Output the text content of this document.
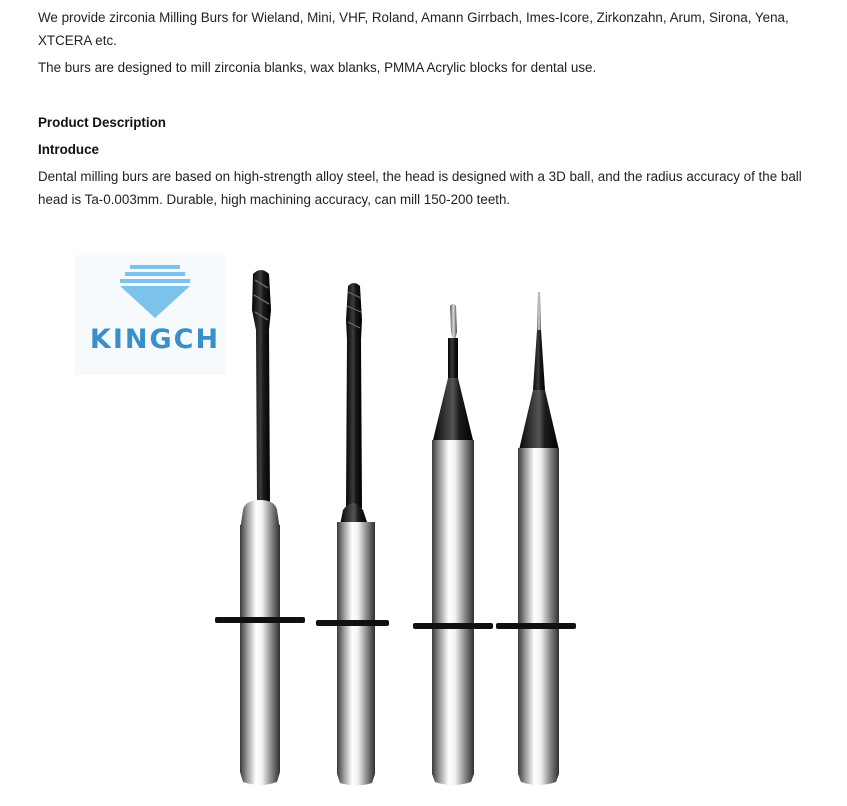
We provide zirconia Milling Burs for Wieland, Mini, VHF, Roland, Amann Girrbach, Imes-Icore, Zirkonzahn, Arum, Sirona, Yena, XTCERA etc.

The burs are designed to mill zirconia blanks, wax blanks, PMMA Acrylic blocks for dental use.

Product Description

Introduce

Dental milling burs are based on high-strength alloy steel, the head is designed with a 3D ball, and the radius accuracy of the ball head is Ta-0.003mm. Durable, high machining accuracy, can mill 150-200 teeth.

KINGCH
